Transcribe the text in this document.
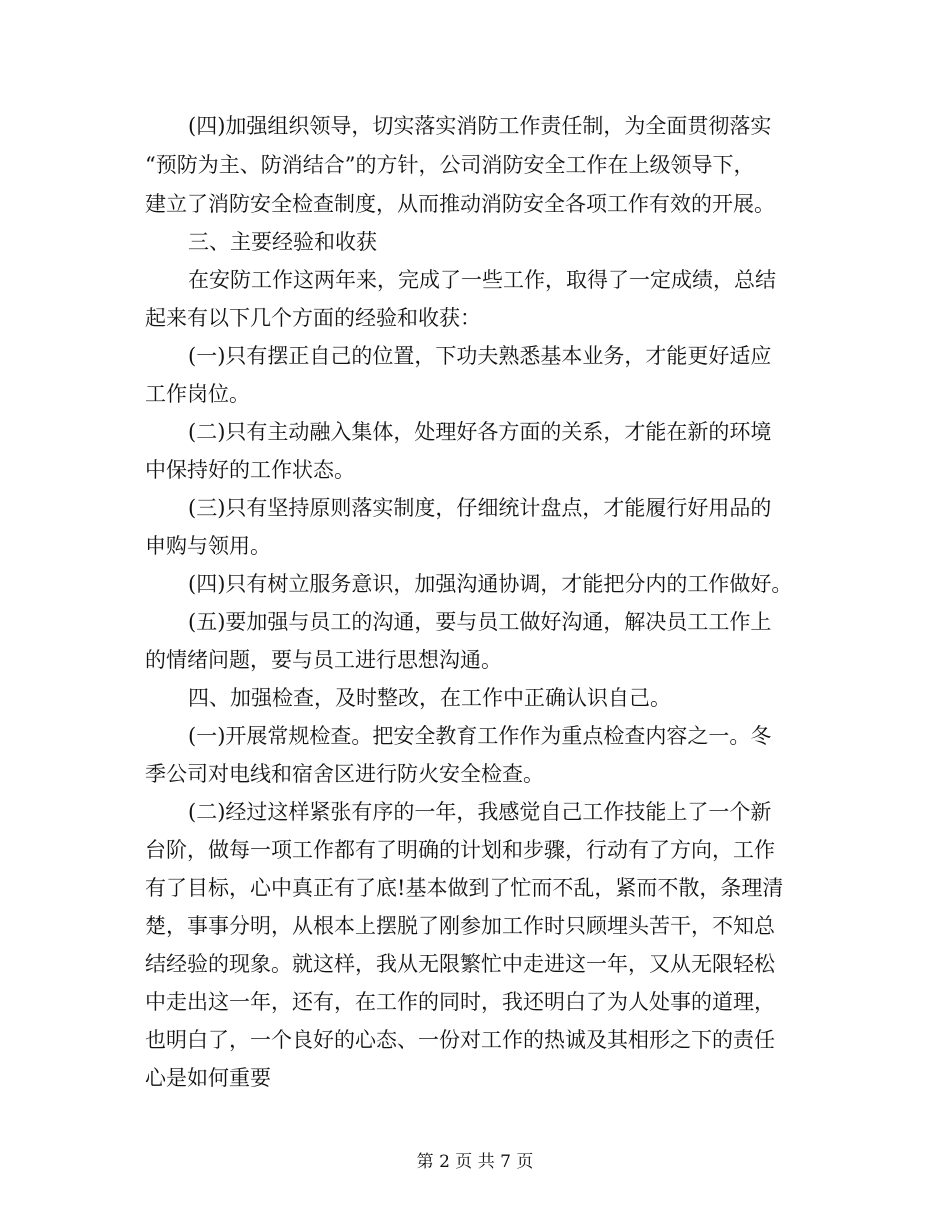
(四)加强组织领导，切实落实消防工作责任制，为全面贯彻落实
“预防为主、防消结合”的方针，公司消防安全工作在上级领导下，
建立了消防安全检查制度，从而推动消防安全各项工作有效的开展。
三、主要经验和收获
在安防工作这两年来，完成了一些工作，取得了一定成绩，总结
起来有以下几个方面的经验和收获：
(一)只有摆正自己的位置，下功夫熟悉基本业务，才能更好适应
工作岗位。
(二)只有主动融入集体，处理好各方面的关系，才能在新的环境
中保持好的工作状态。
(三)只有坚持原则落实制度，仔细统计盘点，才能履行好用品的
申购与领用。
(四)只有树立服务意识，加强沟通协调，才能把分内的工作做好。
(五)要加强与员工的沟通，要与员工做好沟通，解决员工工作上
的情绪问题，要与员工进行思想沟通。
四、加强检查，及时整改，在工作中正确认识自己。
(一)开展常规检查。把安全教育工作作为重点检查内容之一。冬
季公司对电线和宿舍区进行防火安全检查。
(二)经过这样紧张有序的一年，我感觉自己工作技能上了一个新
台阶，做每一项工作都有了明确的计划和步骤，行动有了方向，工作
有了目标，心中真正有了底!基本做到了忙而不乱，紧而不散，条理清
楚，事事分明，从根本上摆脱了刚参加工作时只顾埋头苦干，不知总
结经验的现象。就这样，我从无限繁忙中走进这一年，又从无限轻松
中走出这一年，还有，在工作的同时，我还明白了为人处事的道理，
也明白了，一个良好的心态、一份对工作的热诚及其相形之下的责任
心是如何重要
第 2 页 共 7 页
